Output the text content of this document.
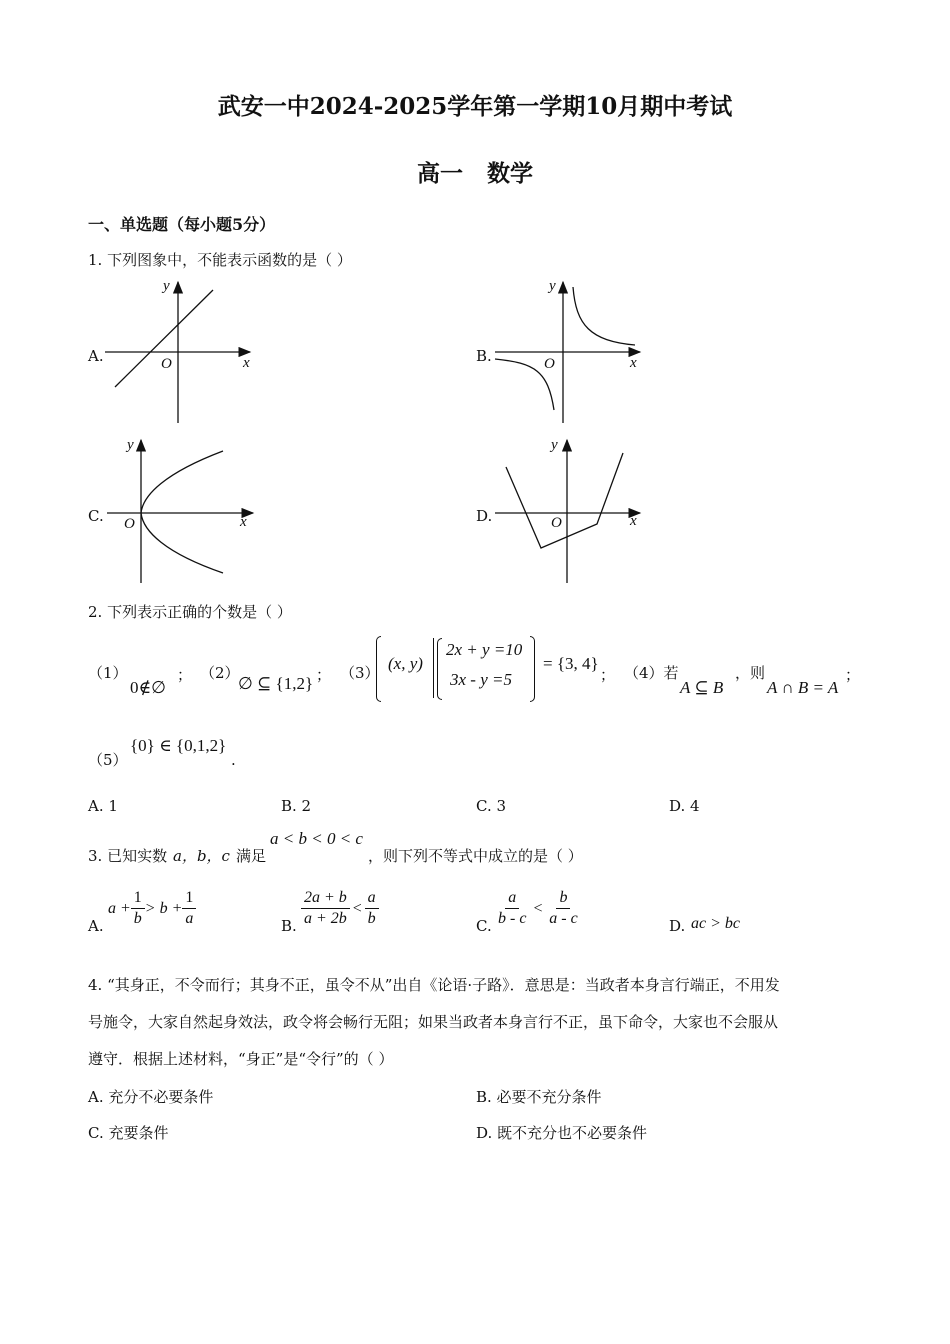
武安一中2024-2025学年第一学期10月期中考试
高一   数学
一、单选题（每小题5分）
1. 下列图象中，不能表示函数的是（ ）
A.	B.
C.	D.
x
y
O	x
y
O
x
y
O	x
y
O
2. 下列表示正确的个数是（ ）
（1）
0∉∅
； （2）
∅ ⊆ {1,2} ； （3） (x, y)
2x + y =10
3x - y =5
= {3, 4}
； （4）若
A ⊆ B
，则
A ∩ B = A
；
（5）
{0} ∈ {0,1,2}
.
A. 1	B. 2	C. 3	D. 4
3. 已知实数 a，b，c 满足
a < b < 0 < c
，则下列不等式中成立的是（ ）
A.
$a + \frac{1}{b} > b + \frac{1}{a}$	B. $\frac{2a + b}{a + 2b} < \frac{a}{b}$	C. $\frac{a}{b - c} < \frac{b}{a - c}$	D. ac > bc
4. “其身正，不令而行；其身不正，虽令不从”出自《论语·子路》．意思是：当政者本身言行端正，不用发
号施令，大家自然起身效法，政令将会畅行无阻；如果当政者本身言行不正，虽下命令，大家也不会服从
遵守．根据上述材料，“身正”是“令行”的（ ）
A. 充分不必要条件	B. 必要不充分条件
C. 充要条件	D. 既不充分也不必要条件
